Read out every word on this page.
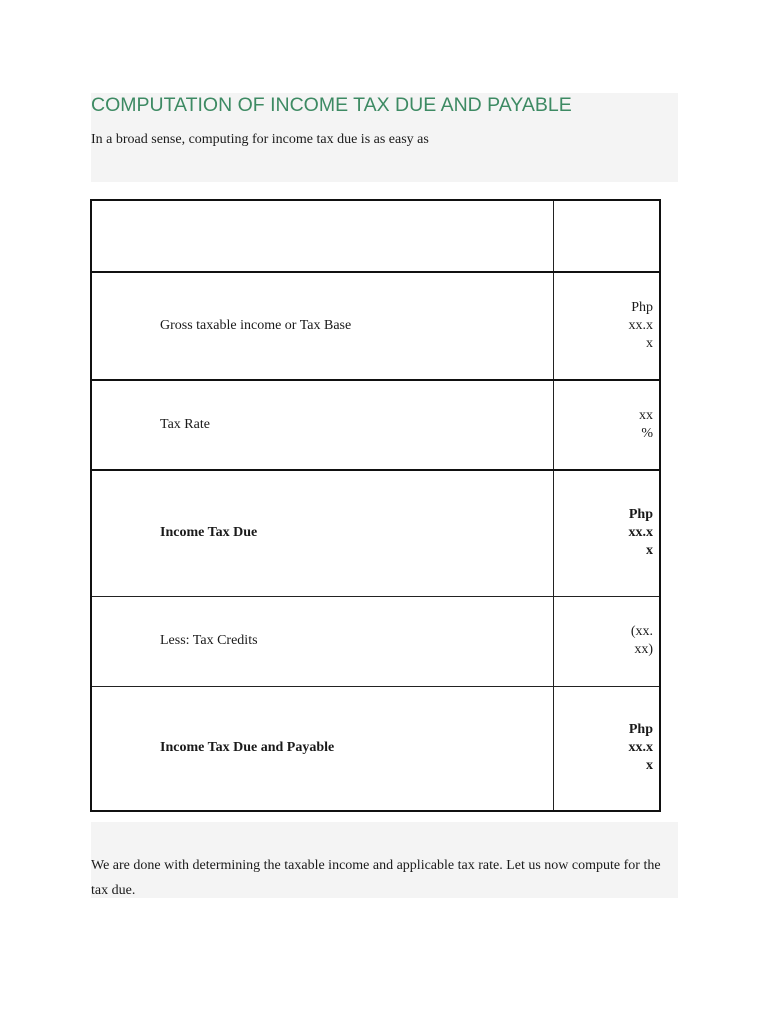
COMPUTATION OF INCOME TAX DUE AND PAYABLE

In a broad sense, computing for income tax due is as easy as

Gross taxable income or Tax Base	Php xx.xx
Tax Rate	xx %
Income Tax Due	Php xx.xx
Less: Tax Credits	(xx.xx)
Income Tax Due and Payable	Php xx.xx

We are done with determining the taxable income and applicable tax rate. Let us now compute for the tax due.
